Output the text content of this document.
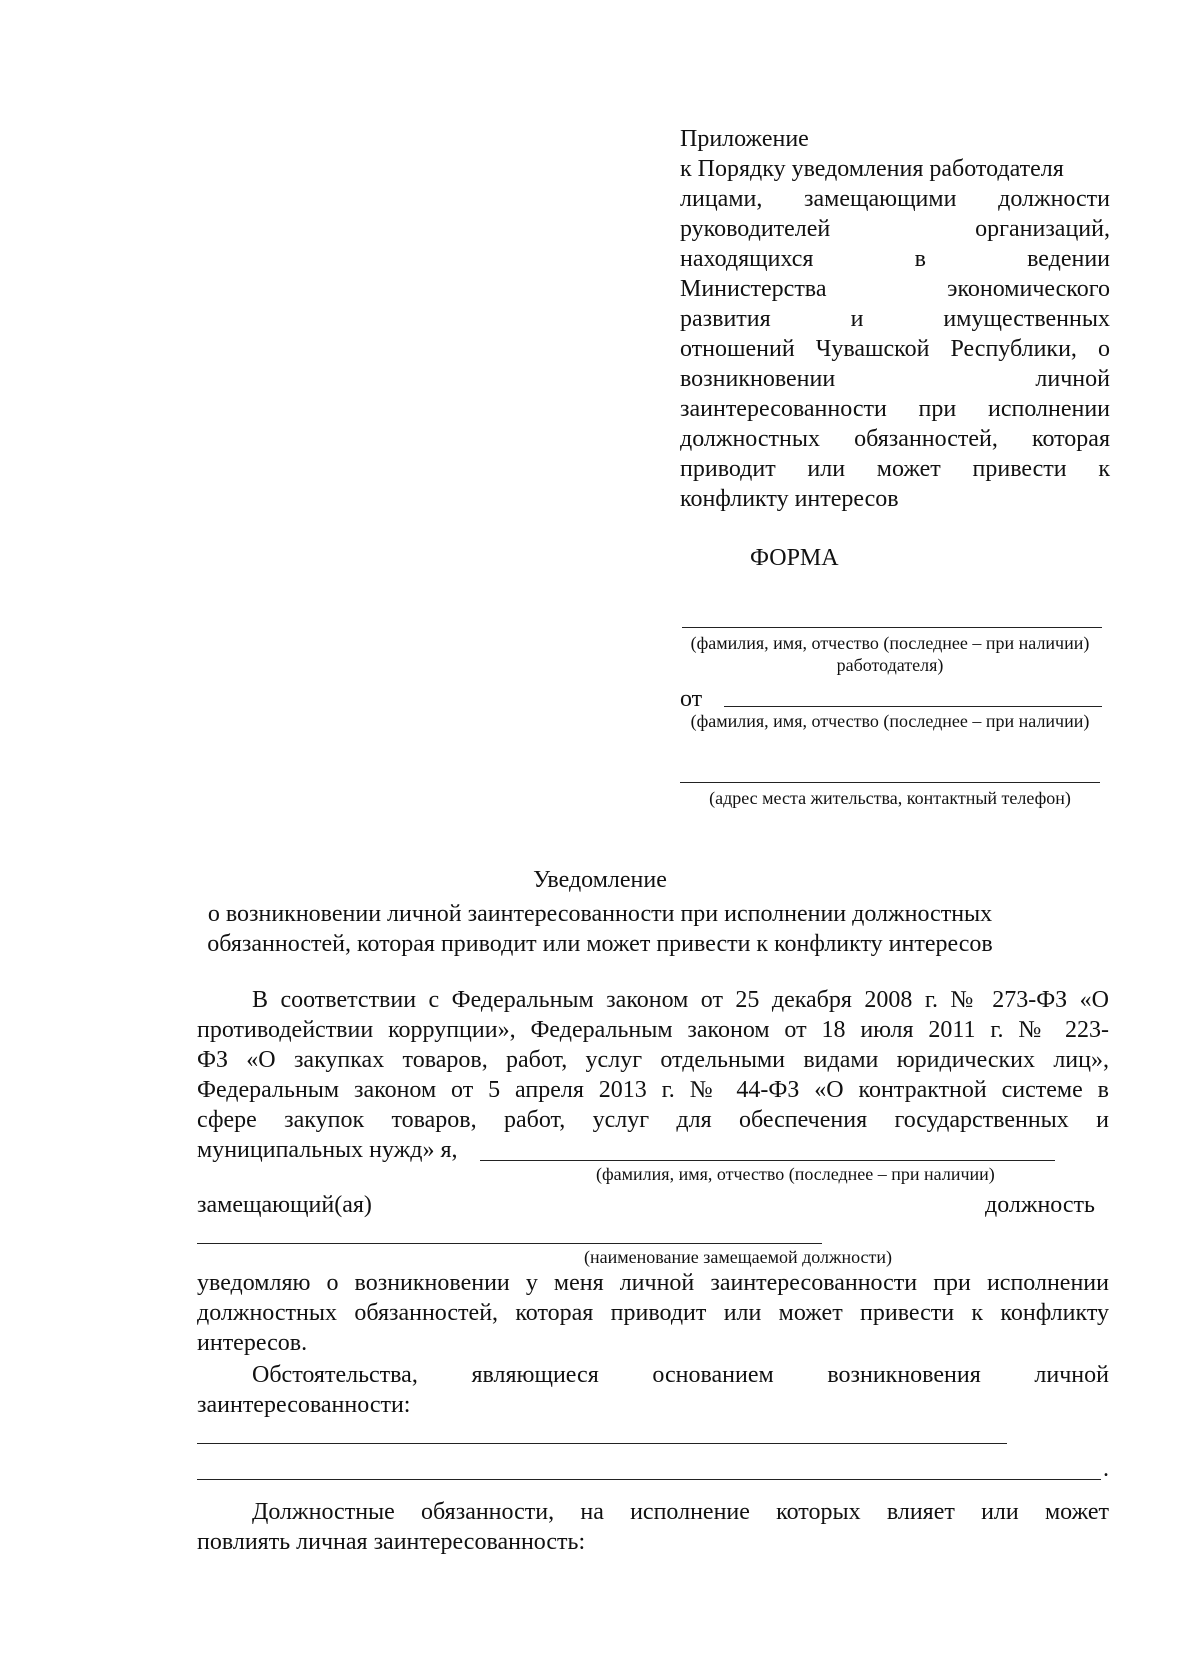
Приложение
к Порядку уведомления работодателя
лицами, замещающими должности
руководителей организаций,
находящихся в ведении
Министерства экономического
развития и имущественных
отношений Чувашской Республики, о
возникновении личной
заинтересованности при исполнении
должностных обязанностей, которая
приводит или может привести к
конфликту интересов
ФОРМА
(фамилия, имя, отчество (последнее – при наличии) работодателя)
от
(фамилия, имя, отчество (последнее – при наличии)
(адрес места жительства, контактный телефон)
Уведомление
о возникновении личной заинтересованности при исполнении должностных
обязанностей, которая приводит или может привести к конфликту интересов
В соответствии с Федеральным законом от 25 декабря 2008 г. № 273-ФЗ «О
противодействии коррупции», Федеральным законом от 18 июля 2011 г. № 223-
ФЗ «О закупках товаров, работ, услуг отдельными видами юридических лиц»,
Федеральным законом от 5 апреля 2013 г. № 44-ФЗ «О контрактной системе в
сфере закупок товаров, работ, услуг для обеспечения государственных и
муниципальных нужд» я,
(фамилия, имя, отчество (последнее – при наличии)
замещающий(ая)	должность
(наименование замещаемой должности)
уведомляю о возникновении у меня личной заинтересованности при исполнении
должностных обязанностей, которая приводит или может привести к конфликту
интересов.
Обстоятельства, являющиеся основанием возникновения личной
заинтересованности:
.
Должностные обязанности, на исполнение которых влияет или может
повлиять личная заинтересованность:
